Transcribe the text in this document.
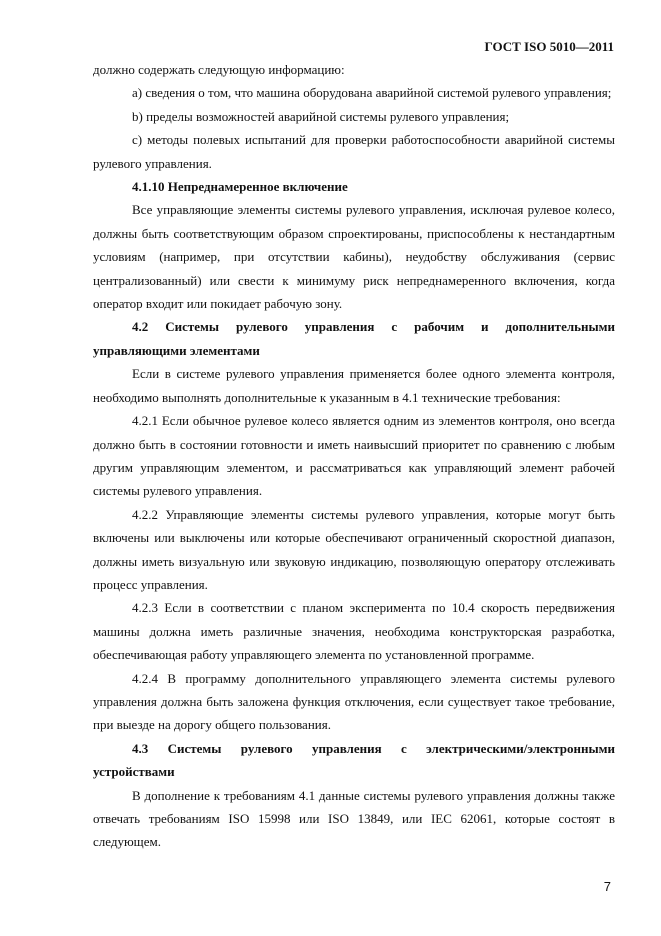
ГОСТ ISO 5010—2011

должно содержать следующую информацию:

a) сведения о том, что машина оборудована аварийной системой рулевого управления;

b) пределы возможностей аварийной системы рулевого управления;

c) методы полевых испытаний для проверки работоспособности аварийной системы рулевого управления.

4.1.10 Непреднамеренное включение

Все управляющие элементы системы рулевого управления, исключая рулевое колесо, должны быть соответствующим образом спроектированы, приспособлены к нестандартным условиям (например, при отсутствии кабины), неудобству обслуживания (сервис централизованный) или свести к минимуму риск непреднамеренного включения, когда оператор входит или покидает рабочую зону.

4.2 Системы рулевого управления с рабочим и дополнительными управляющими элементами

Если в системе рулевого управления применяется более одного элемента контроля, необходимо выполнять дополнительные к указанным в 4.1 технические требования:

4.2.1 Если обычное рулевое колесо является одним из элементов контроля, оно всегда должно быть в состоянии готовности и иметь наивысший приоритет по сравнению с любым другим управляющим элементом, и рассматриваться как управляющий элемент рабочей системы рулевого управления.

4.2.2 Управляющие элементы системы рулевого управления, которые могут быть включены или выключены или которые обеспечивают ограниченный скоростной диапазон, должны иметь визуальную или звуковую индикацию, позволяющую оператору отслеживать процесс управления.

4.2.3 Если в соответствии с планом эксперимента по 10.4 скорость передвижения машины должна иметь различные значения, необходима конструкторская разработка, обеспечивающая работу управляющего элемента по установленной программе.

4.2.4 В программу дополнительного управляющего элемента системы рулевого управления должна быть заложена функция отключения, если существует такое требование, при выезде на дорогу общего пользования.

4.3 Системы рулевого управления с электрическими/электронными устройствами

В дополнение к требованиям 4.1 данные системы рулевого управления должны также отвечать требованиям ISO 15998 или ISO 13849, или IEC 62061, которые состоят в следующем.

7
